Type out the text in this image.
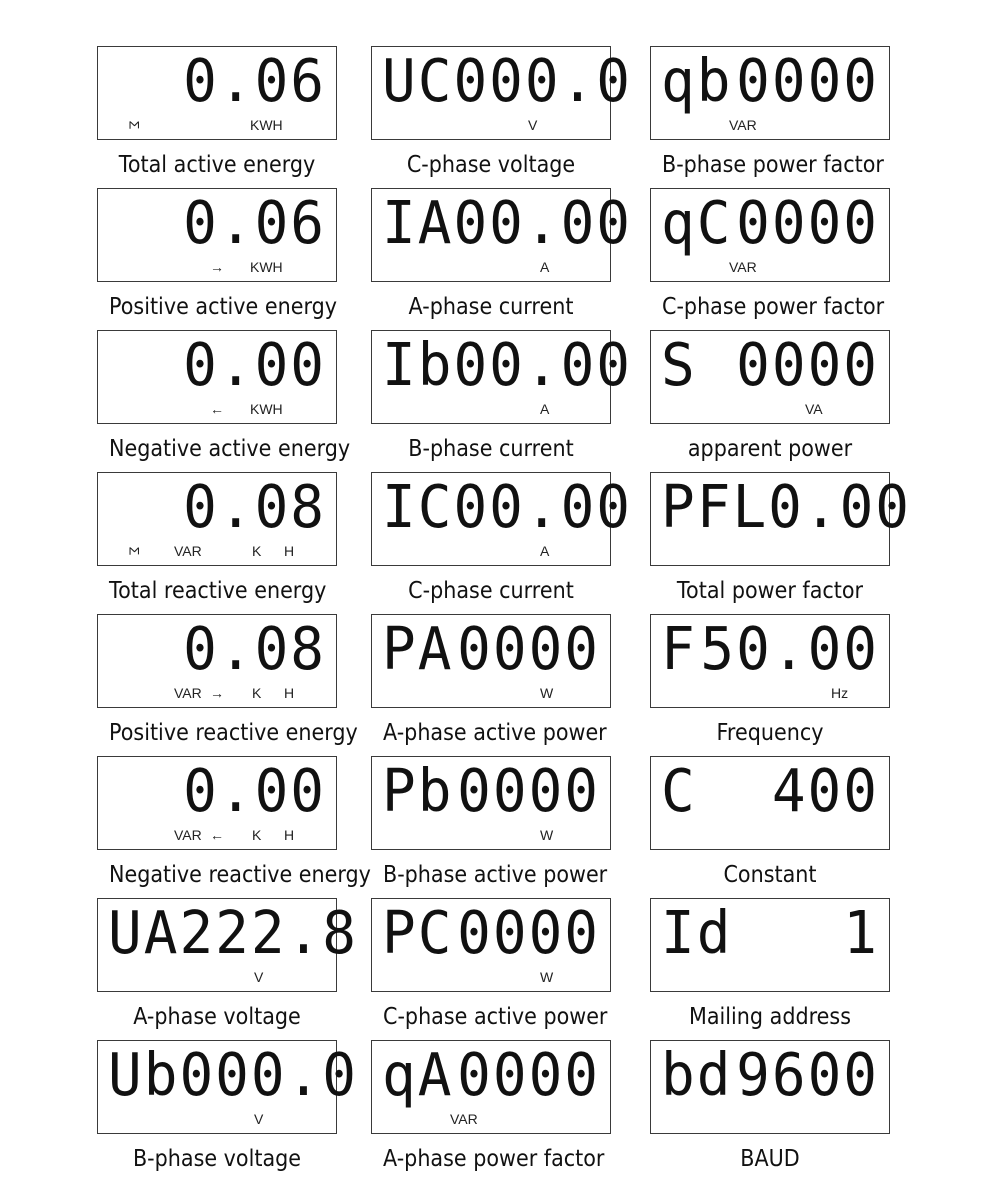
0.06
Σ	KWH
Total active energy
0.06
→ KWH
Positive active energy
0.00
← KWH
Negative active energy
0.08
Σ VAR	K H
Total reactive energy
0.08
VAR → K H
Positive reactive energy
0.00
VAR ← K H
Negative reactive energy
UA 222.8
V
A-phase voltage
Ub 000.0
V
B-phase voltage
UC 000.0
V
C-phase voltage
IA 00.00
A
A-phase current
Ib 00.00
A
B-phase current
IC 00.00
A
C-phase current
PA 0000
W
A-phase active power
Pb 0000
W
B-phase active power
PC 0000
W
C-phase active power
qA 0000
VAR
A-phase power factor
qb 0000
VAR
B-phase power factor
qC 0000
VAR
C-phase power factor
S 0000
VA
apparent power
PF L0.00
Total power factor
F 50.00
Hz
Frequency
C 400
Constant
Id 1
Mailing address
bd 9600
BAUD
